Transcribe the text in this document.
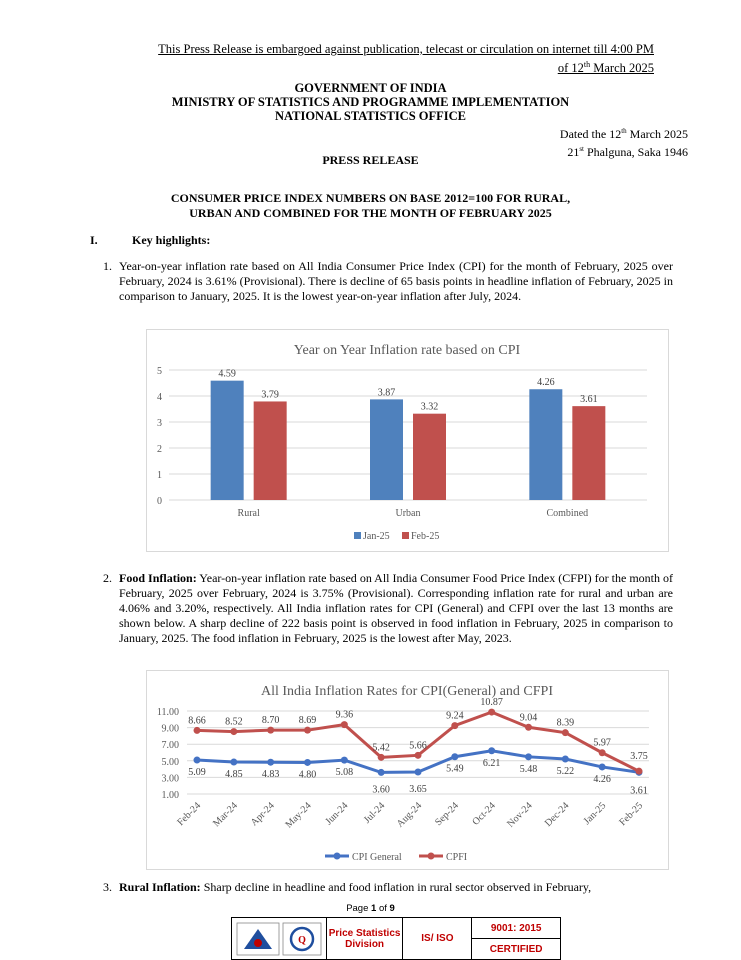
This Press Release is embargoed against publication, telecast or circulation on internet till 4:00 PM
of 12th March 2025
GOVERNMENT OF INDIA
MINISTRY OF STATISTICS AND PROGRAMME IMPLEMENTATION
NATIONAL STATISTICS OFFICE
Dated the 12th March 2025
21st Phalguna, Saka 1946
PRESS RELEASE
CONSUMER PRICE INDEX NUMBERS ON BASE 2012=100 FOR RURAL,
URBAN AND COMBINED FOR THE MONTH OF FEBRUARY 2025
I.	Key highlights:
1. Year-on-year inflation rate based on All India Consumer Price Index (CPI) for the month of February, 2025 over February, 2024 is 3.61% (Provisional). There is decline of 65 basis points in headline inflation of February, 2025 in comparison to January, 2025. It is the lowest year-on-year inflation after July, 2024.
Year on Year Inflation rate based on CPI
0
1
2
3
4
5	4.59
3.79
Rural
3.87
3.32
Urban
4.26
3.61
Combined
Jan-25 Feb-25
2. Food Inflation: Year-on-year inflation rate based on All India Consumer Food Price Index (CFPI) for the month of February, 2025 over February, 2024 is 3.75% (Provisional). Corresponding inflation rate for rural and urban are 4.06% and 3.20%, respectively. All India inflation rates for CPI (General) and CFPI over the last 13 months are shown below. A sharp decline of 222 basis point is observed in food inflation in February, 2025 in comparison to January, 2025. The food inflation in February, 2025 is the lowest after May, 2023.
All India Inflation Rates for CPI(General) and CFPI
1.00
3.00
5.00
7.00
9.00
11.00
5.09 4.85 4.83 4.80 5.08
3.60 3.65
5.49
6.21
5.48 5.22
4.26
3.61
8.66 8.52 8.70 8.69
9.36
5.42 5.66
9.24
10.87
9.04 8.39
5.97
3.75
Feb-24 Mar-24 Apr-24 May-24 Jun-24 Jul-24 Aug-24 Sep-24 Oct-24 Nov-24 Dec-24 Jan-25 Feb-25
CPI General	CPFI
3. Rural Inflation: Sharp decline in headline and food inflation in rural sector observed in February,
Page 1 of 9
Q
Price Statistics Division	IS/ ISO
9001: 2015
CERTIFIED
